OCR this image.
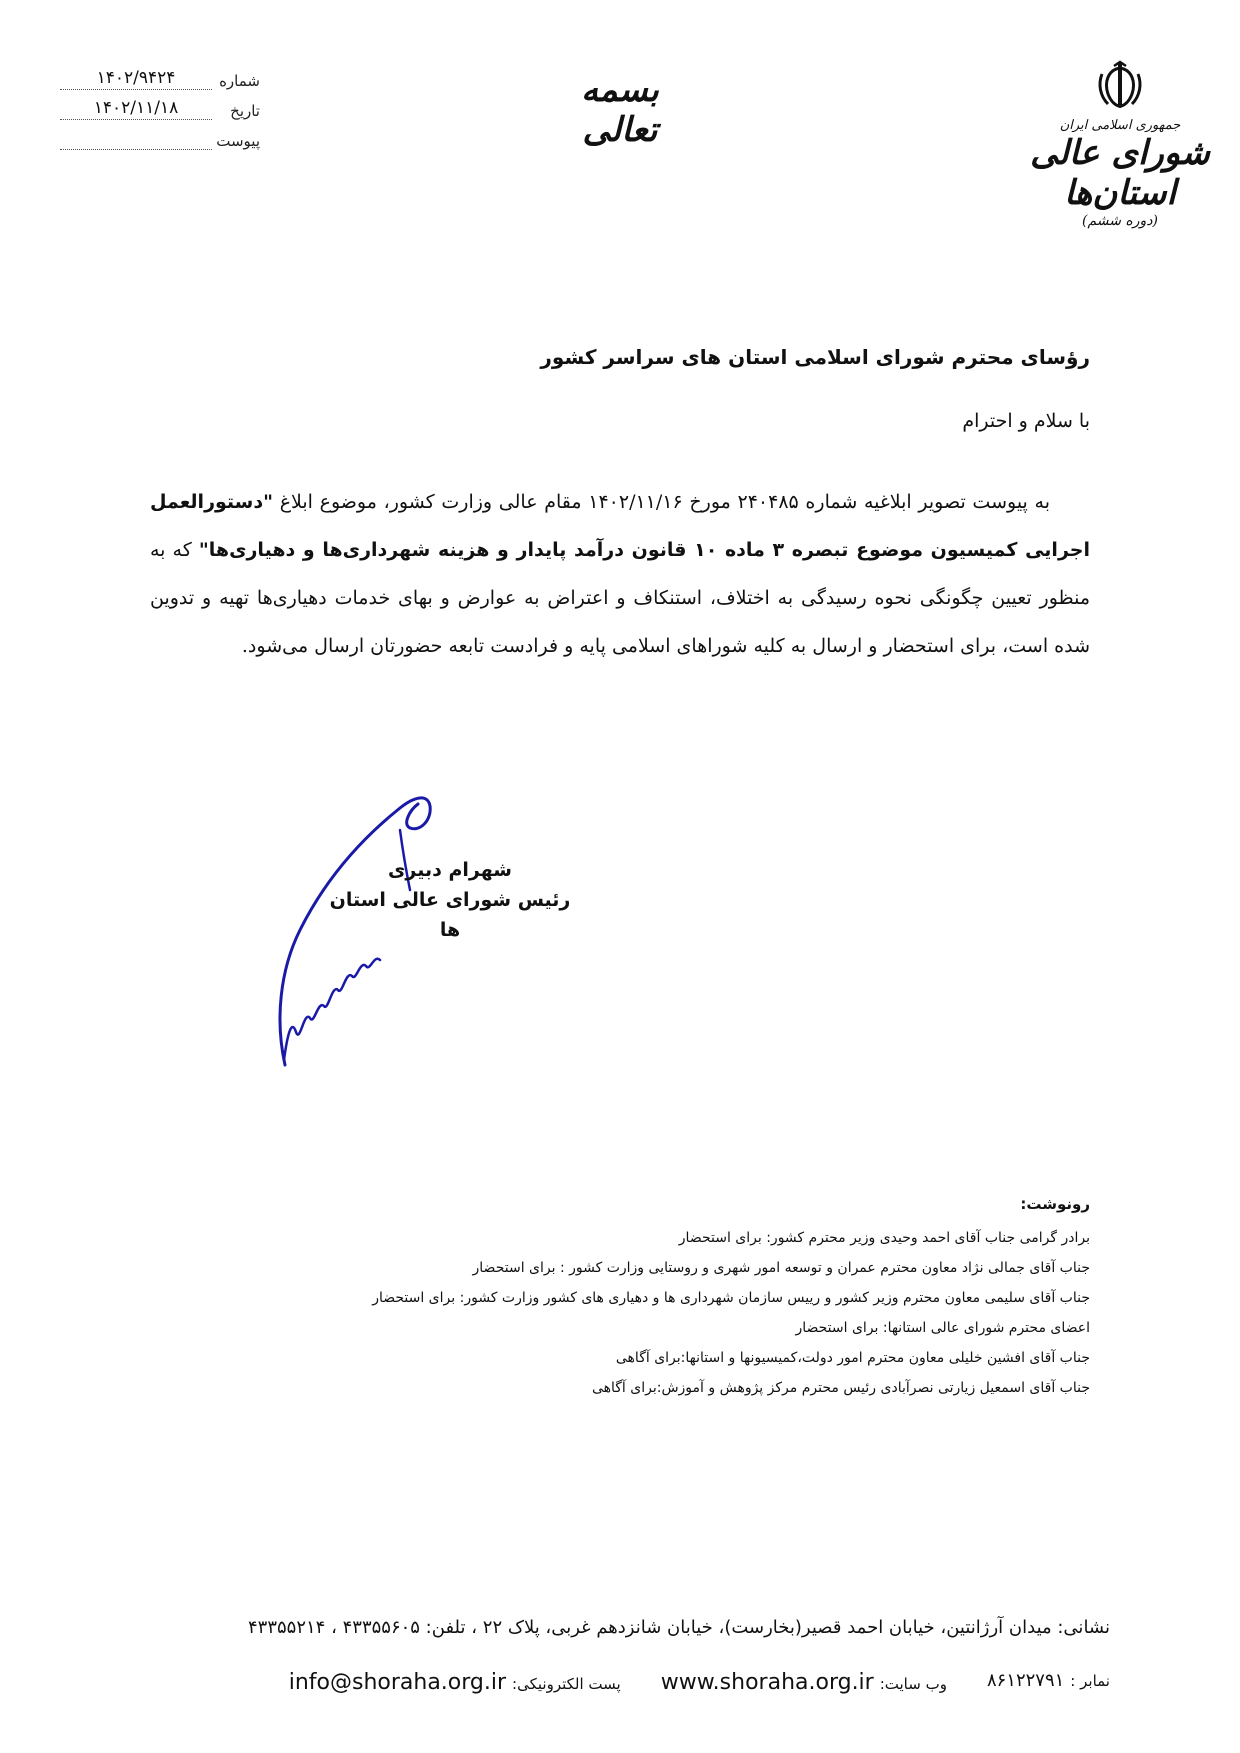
شماره
۱۴۰۲/۹۴۲۴
تاریخ
۱۴۰۲/۱۱/۱۸
پیوست
بسمه تعالی	جمهوری اسلامی ایران
شورای عالی استان‌ها
(دوره ششم)
رؤسای محترم شورای اسلامی استان های سراسر کشور
با سلام و احترام
به پیوست تصویر ابلاغیه شماره ۲۴۰۴۸۵ مورخ ۱۴۰۲/۱۱/۱۶ مقام عالی وزارت کشور، موضوع ابلاغ "دستورالعمل اجرایی کمیسیون موضوع تبصره ۳ ماده ۱۰ قانون درآمد پایدار و هزینه شهرداری‌ها و دهیاری‌ها" که به منظور تعیین چگونگی نحوه رسیدگی به اختلاف، استنکاف و اعتراض به عوارض و بهای خدمات دهیاری‌ها تهیه و تدوین شده است، برای استحضار و ارسال به کلیه شوراهای اسلامی پایه و فرادست تابعه حضورتان ارسال می‌شود.
شهرام دبیری
رئیس شورای عالی استان ها
رونوشت:
برادر گرامی جناب آقای احمد وحیدی وزیر محترم کشور: برای استحضار
جناب آقای جمالی نژاد معاون محترم عمران و توسعه امور شهری و روستایی وزارت کشور : برای استحضار
جناب آقای سلیمی معاون محترم وزیر کشور و رییس سازمان شهرداری ها و دهیاری های کشور وزارت کشور: برای استحضار
اعضای محترم شورای عالی استانها: برای استحضار
جناب آقای افشین خلیلی معاون محترم امور دولت،کمیسیونها و استانها:برای آگاهی
جناب آقای اسمعیل زیارتی نصرآبادی رئیس محترم مرکز پژوهش و آموزش:برای آگاهی
نشانی: میدان آرژانتین، خیابان احمد قصیر(بخارست)، خیابان شانزدهم غربی، پلاک ۲۲ ، تلفن: ۴۳۳۵۵۶۰۵ ، ۴۳۳۵۵۲۱۴
نمابر :
۸۶۱۲۲۷۹۱
وب سایت:
www.shoraha.org.ir
پست الکترونیکی:
info@shoraha.org.ir
